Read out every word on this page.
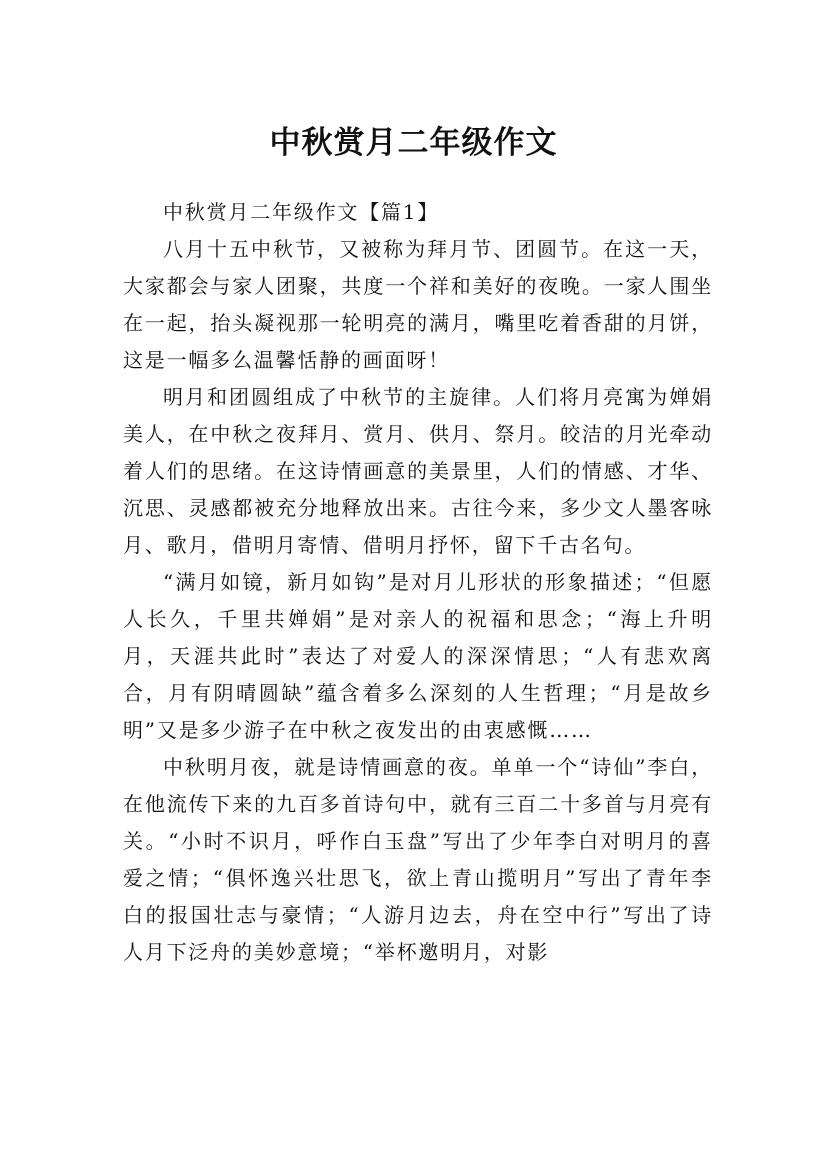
中秋赏月二年级作文

中秋赏月二年级作文【篇1】

八月十五中秋节，又被称为拜月节、团圆节。在这一天，大家都会与家人团聚，共度一个祥和美好的夜晚。一家人围坐在一起，抬头凝视那一轮明亮的满月，嘴里吃着香甜的月饼，这是一幅多么温馨恬静的画面呀！

明月和团圆组成了中秋节的主旋律。人们将月亮寓为婵娟美人，在中秋之夜拜月、赏月、供月、祭月。皎洁的月光牵动着人们的思绪。在这诗情画意的美景里，人们的情感、才华、沉思、灵感都被充分地释放出来。古往今来，多少文人墨客咏月、歌月，借明月寄情、借明月抒怀，留下千古名句。

“满月如镜，新月如钩”是对月儿形状的形象描述；“但愿人长久，千里共婵娟”是对亲人的祝福和思念；“海上升明月，天涯共此时”表达了对爱人的深深情思；“人有悲欢离合，月有阴晴圆缺”蕴含着多么深刻的人生哲理；“月是故乡明”又是多少游子在中秋之夜发出的由衷感慨……

中秋明月夜，就是诗情画意的夜。单单一个“诗仙”李白，在他流传下来的九百多首诗句中，就有三百二十多首与月亮有关。“小时不识月，呼作白玉盘”写出了少年李白对明月的喜爱之情；“俱怀逸兴壮思飞，欲上青山揽明月”写出了青年李白的报国壮志与豪情；“人游月边去，舟在空中行”写出了诗人月下泛舟的美妙意境；“举杯邀明月，对影
